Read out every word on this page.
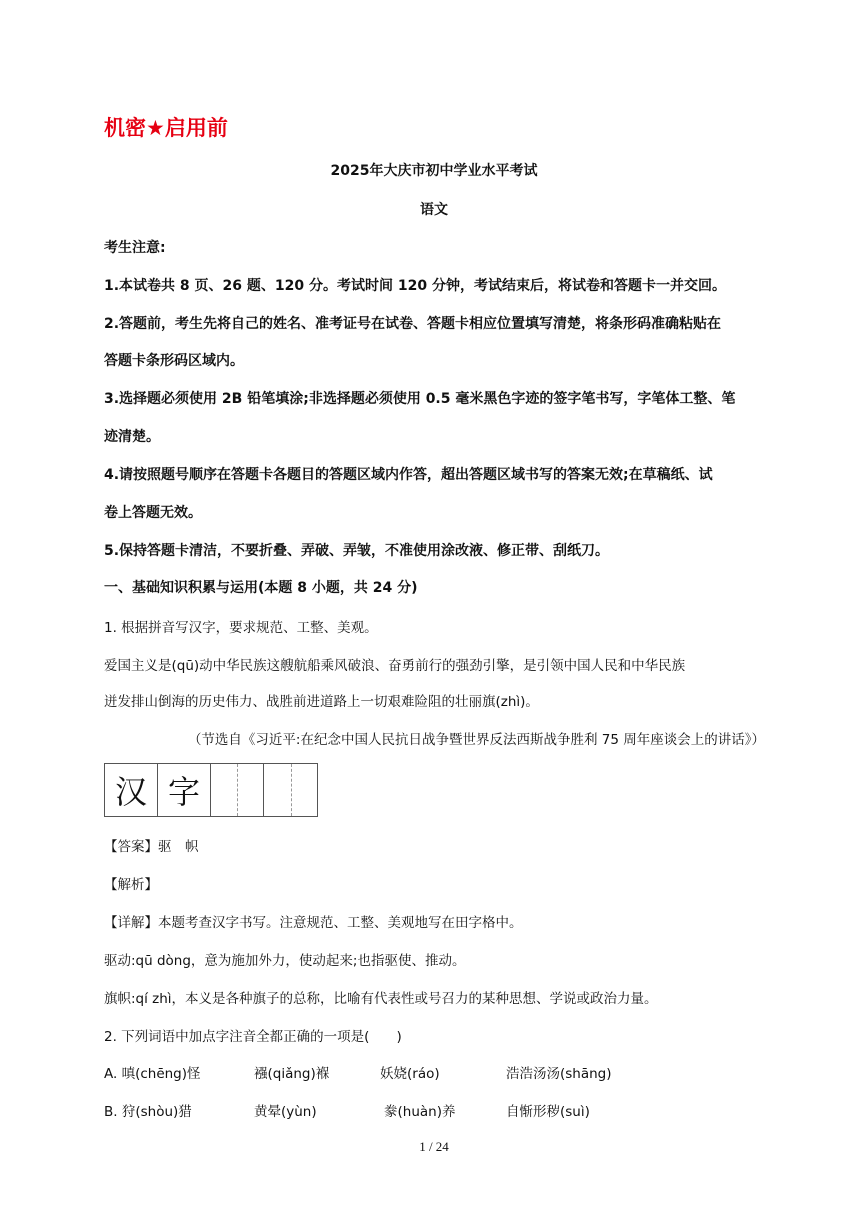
机密★启用前
2025年大庆市初中学业水平考试
语文
考生注意:
1.本试卷共 8 页、26 题、120 分。考试时间 120 分钟，考试结束后，将试卷和答题卡一并交回。
2.答题前，考生先将自己的姓名、准考证号在试卷、答题卡相应位置填写清楚，将条形码准确粘贴在
答题卡条形码区域内。
3.选择题必须使用 2B 铅笔填涂;非选择题必须使用 0.5 毫米黑色字迹的签字笔书写，字笔体工整、笔
迹清楚。
4.请按照题号顺序在答题卡各题目的答题区域内作答，超出答题区域书写的答案无效;在草稿纸、试
卷上答题无效。
5.保持答题卡清洁，不要折叠、弄破、弄皱，不准使用涂改液、修正带、刮纸刀。
一、基础知识积累与运用(本题 8 小题，共 24 分)
1. 根据拼音写汉字，要求规范、工整、美观。
爱国主义是(qū)动中华民族这艘航船乘风破浪、奋勇前行的强劲引擎，是引领中国人民和中华民族
迸发排山倒海的历史伟力、战胜前进道路上一切艰难险阻的壮丽旗(zhì)。
（节选自《习近平:在纪念中国人民抗日战争暨世界反法西斯战争胜利 75 周年座谈会上的讲话》）
汉 字
【答案】驱　帜
【解析】
【详解】本题考查汉字书写。注意规范、工整、美观地写在田字格中。
驱动:qū dòng，意为施加外力，使动起来;也指驱使、推动。
旗帜:qí zhì，本义是各种旗子的总称，比喻有代表性或号召力的某种思想、学说或政治力量。
2. 下列词语中加点字注音全都正确的一项是(　　)
A. 嗔(chēng)怪	襁(qiǎng)褓	妖娆(ráo)	浩浩汤汤(shāng)
B. 狩(shòu)猎	黄晕(yùn)	豢(huàn)养	自惭形秽(suì)
1 / 24
